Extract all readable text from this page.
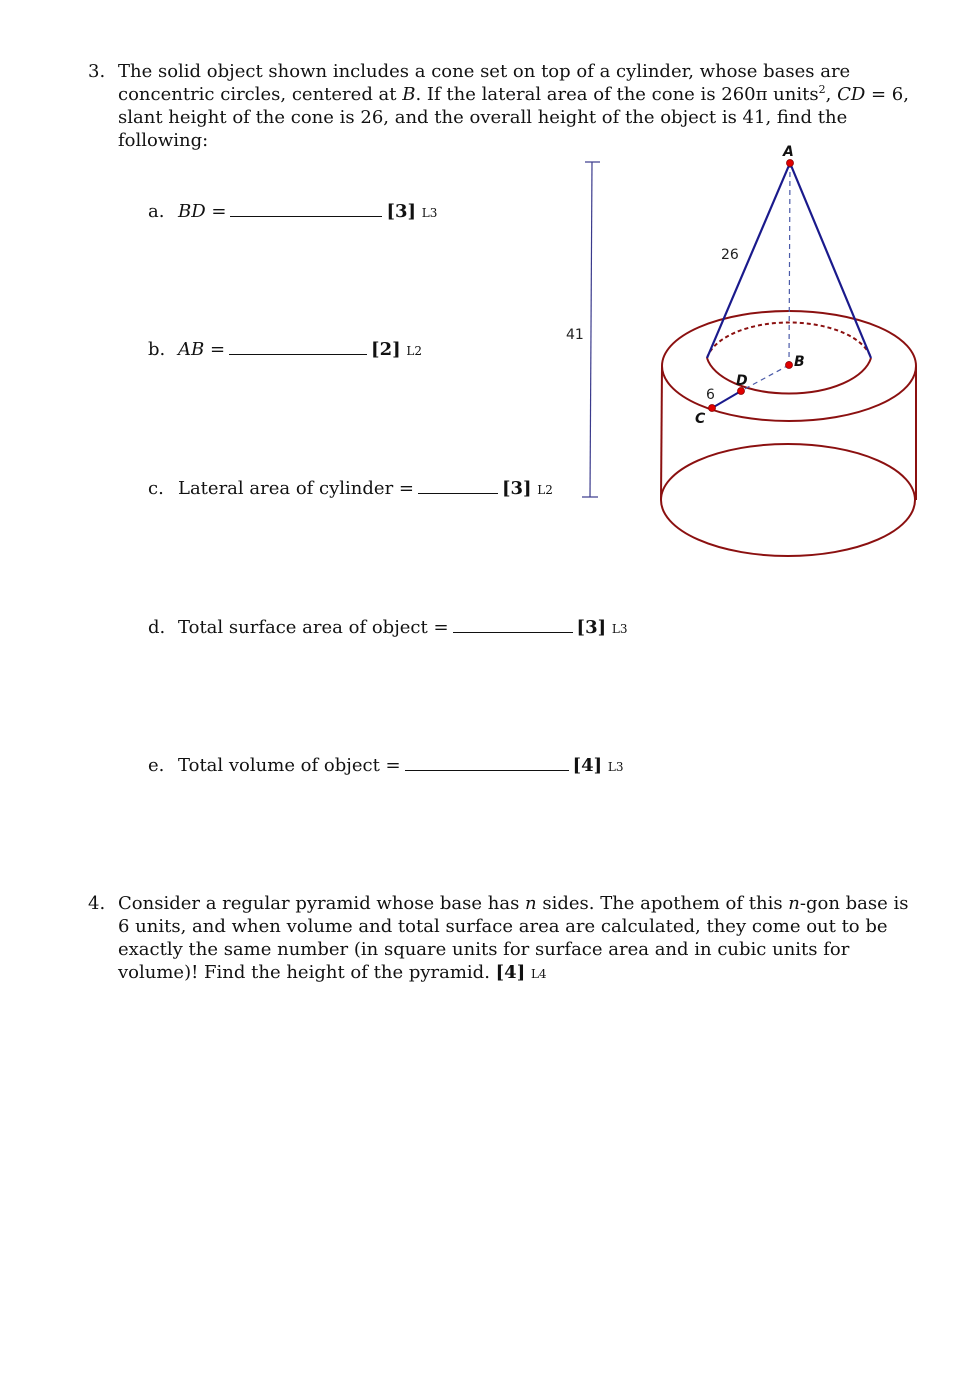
3. The solid object shown includes a cone set on top of a cylinder, whose bases are concentric circles, centered at B. If the lateral area of the cone is 260π units$^2$, CD = 6, slant height of the cone is 26, and the overall height of the object is 41, find the following:
a. BD =	[3] L3
b. AB =	[2] L2
c. Lateral area of cylinder =	[3] L2
d. Total surface area of object =	[3] L3
e. Total volume of object =	[4] L3
41
A
B
D
C
26
6
4. Consider a regular pyramid whose base has n sides. The apothem of this n-gon base is 6 units, and when volume and total surface area are calculated, they come out to be exactly the same number (in square units for surface area and in cubic units for volume)! Find the height of the pyramid. [4] L4
